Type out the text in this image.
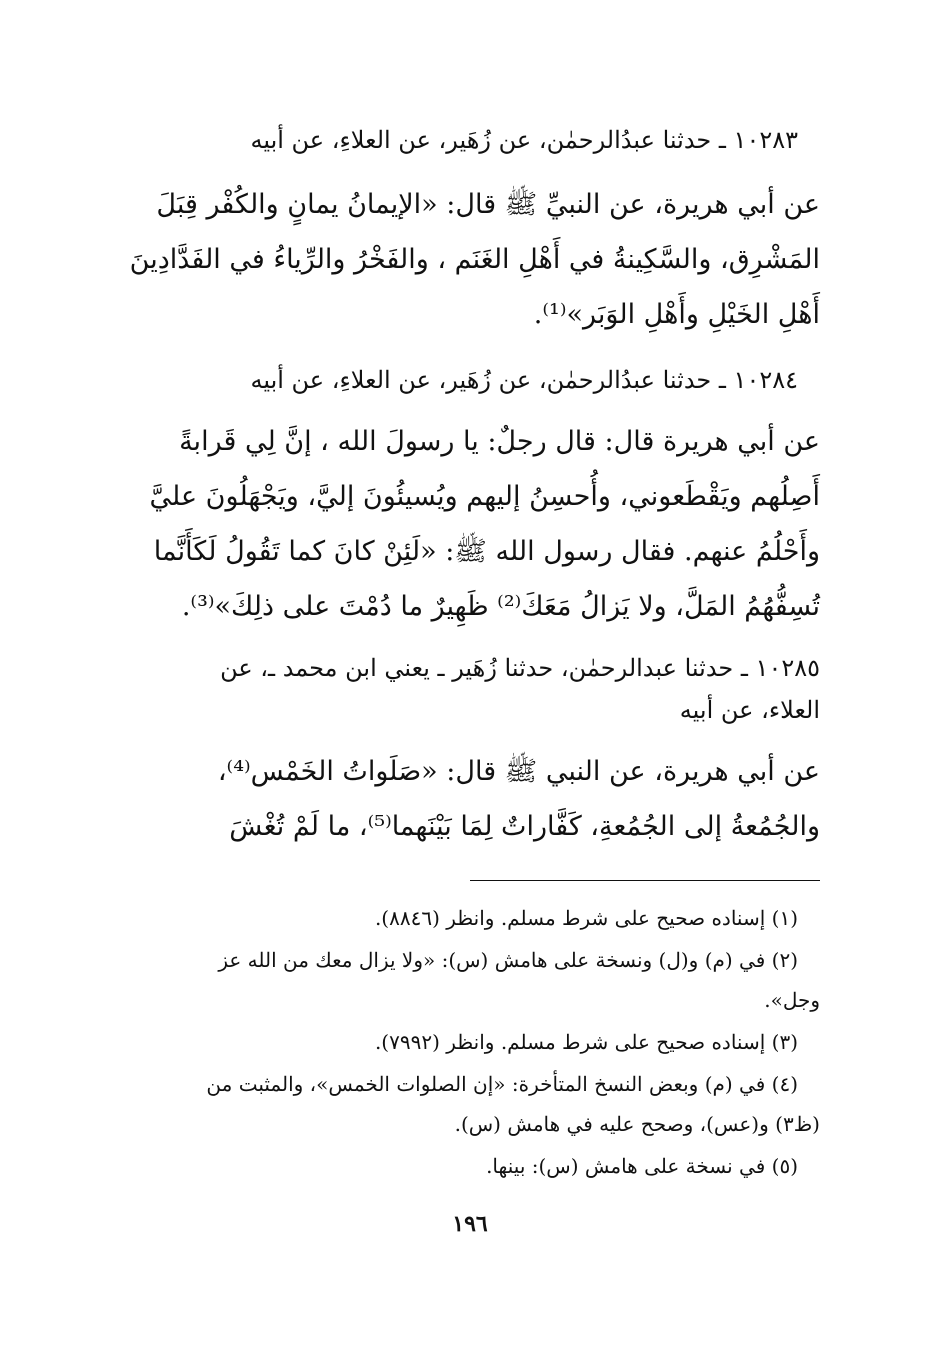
١٠٢٨٣ ـ حدثنا عبدُالرحمٰن، عن زُهَير، عن العلاءِ، عن أبيه
عن أبي هريرة، عن النبيِّ ﷺ قال: «الإيمانُ يمانٍ والكُفْر قِبَلَ
المَشْرِق، والسَّكِينةُ في أَهْلِ الغَنَم ، والفَخْرُ والرِّياءُ في الفَدَّادِينَ
أَهْلِ الخَيْلِ وأَهْلِ الوَبَر»⁽¹⁾.
١٠٢٨٤ ـ حدثنا عبدُالرحمٰن، عن زُهَير، عن العلاءِ، عن أبيه
عن أبي هريرة قال: قال رجلٌ: يا رسولَ الله ، إنَّ لِي قَرابةً
أَصِلُهم ويَقْطَعوني، وأُحسِنُ إليهم ويُسيئُونَ إليَّ، ويَجْهَلُونَ عليَّ
وأَحْلُمُ عنهم. فقال رسول الله ﷺ: «لَئِنْ كانَ كما تَقُولُ لَكَأَنَّما
تُسِفُّهُمُ المَلَّ، ولا يَزالُ مَعَكَ⁽²⁾ ظَهِيرٌ ما دُمْتَ على ذلِكَ»⁽³⁾.
١٠٢٨٥ ـ حدثنا عبدالرحمٰن، حدثنا زُهَير ـ يعني ابن محمد ـ، عن
العلاء، عن أبيه
عن أبي هريرة، عن النبي ﷺ قال: «صَلَواتُ الخَمْس⁽⁴⁾،
والجُمُعةُ إلى الجُمُعةِ، كَفَّاراتٌ لِمَا بَيْنَهما⁽⁵⁾، ما لَمْ تُغْشَ
(١) إسناده صحيح على شرط مسلم. وانظر (٨٨٤٦).
(٢) في (م) و(ل) ونسخة على هامش (س): «ولا يزال معك من الله عز
وجل».
(٣) إسناده صحيح على شرط مسلم. وانظر (٧٩٩٢).
(٤) في (م) وبعض النسخ المتأخرة: «إن الصلوات الخمس»، والمثبت من
(ظ٣) و(عس)، وصحح عليه في هامش (س).
(٥) في نسخة على هامش (س): بينها.
١٩٦
